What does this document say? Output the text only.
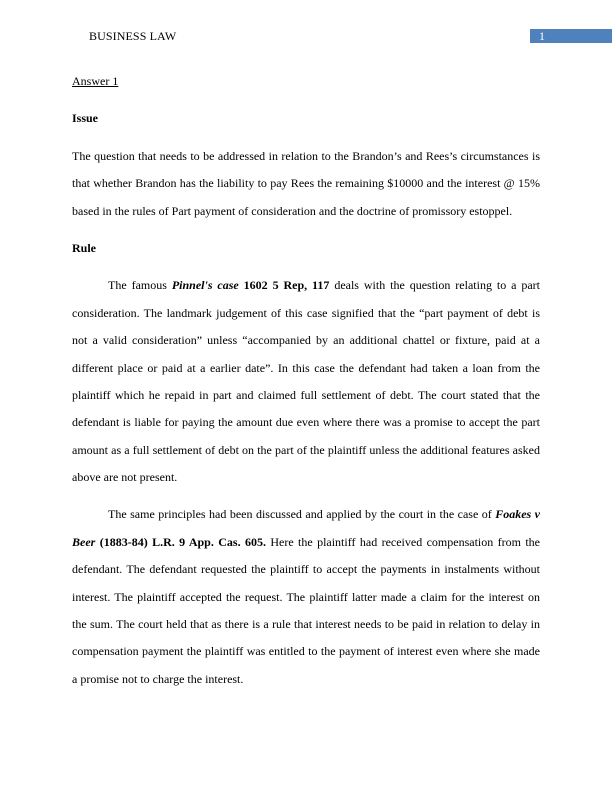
BUSINESS LAW	1
Answer 1
Issue
The question that needs to be addressed in relation to the Brandon’s and Rees’s circumstances is
that whether Brandon has the liability to pay Rees the remaining $10000 and the interest @ 15%
based in the rules of Part payment of consideration and the doctrine of promissory estoppel.
Rule
The famous Pinnel's case 1602 5 Rep, 117 deals with the question relating to a part
consideration. The landmark judgement of this case signified that the “part payment of debt is
not a valid consideration” unless “accompanied by an additional chattel or fixture, paid at a
different place or paid at a earlier date”. In this case the defendant had taken a loan from the
plaintiff which he repaid in part and claimed full settlement of debt. The court stated that the
defendant is liable for paying the amount due even where there was a promise to accept the part
amount as a full settlement of debt on the part of the plaintiff unless the additional features asked
above are not present.
The same principles had been discussed and applied by the court in the case of Foakes v
Beer (1883-84) L.R. 9 App. Cas. 605. Here the plaintiff had received compensation from the
defendant. The defendant requested the plaintiff to accept the payments in instalments without
interest. The plaintiff accepted the request. The plaintiff latter made a claim for the interest on
the sum. The court held that as there is a rule that interest needs to be paid in relation to delay in
compensation payment the plaintiff was entitled to the payment of interest even where she made
a promise not to charge the interest.
